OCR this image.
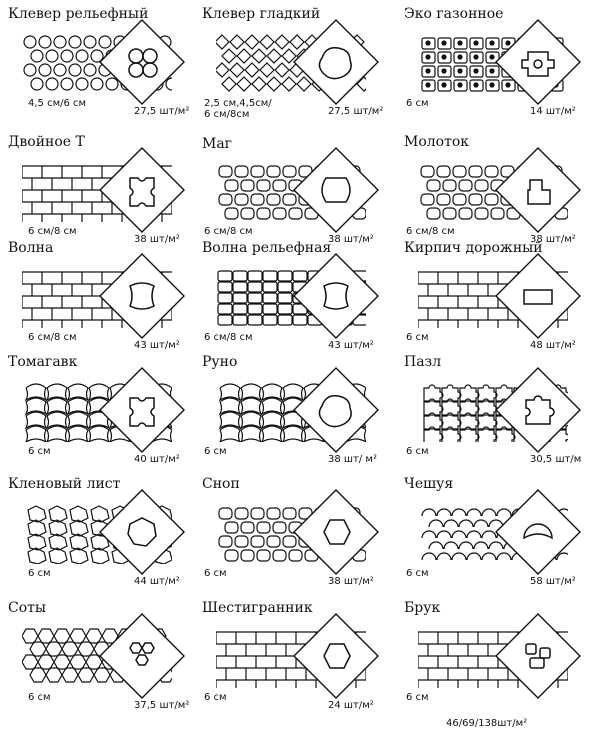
Клевер рельефный
4,5 см/6 см
27,5 шт/м²
Клевер гладкий
2,5 см,4,5см/
6 см/8см	27,5 шт/м²
Эко газонное
6 см
14 шт/м²
Двойное Т
6 см/8 см
38 шт/м²
Маг
6 см/8 см
38 шт/м²
Молоток
6 см/8 см
38 шт/м²
Волна
6 см/8 см
43 шт/м²
Волна рельефная
6 см/8 см
43 шт/м²
Кирпич дорожный
6 см
48 шт/м²
Томагавк
6 см
40 шт/м²
Руно
6 см
38 шт/ м²
Пазл
6 см
30,5 шт/м
Кленовый лист
6 см
44 шт/м²
Сноп
6 см
38 шт/м²
Чешуя
6 см
58 шт/м²
Соты
6 см
37,5 шт/м²
Шестигранник
6 см
24 шт/м²
Брук
6 см
46/69/138шт/м²
